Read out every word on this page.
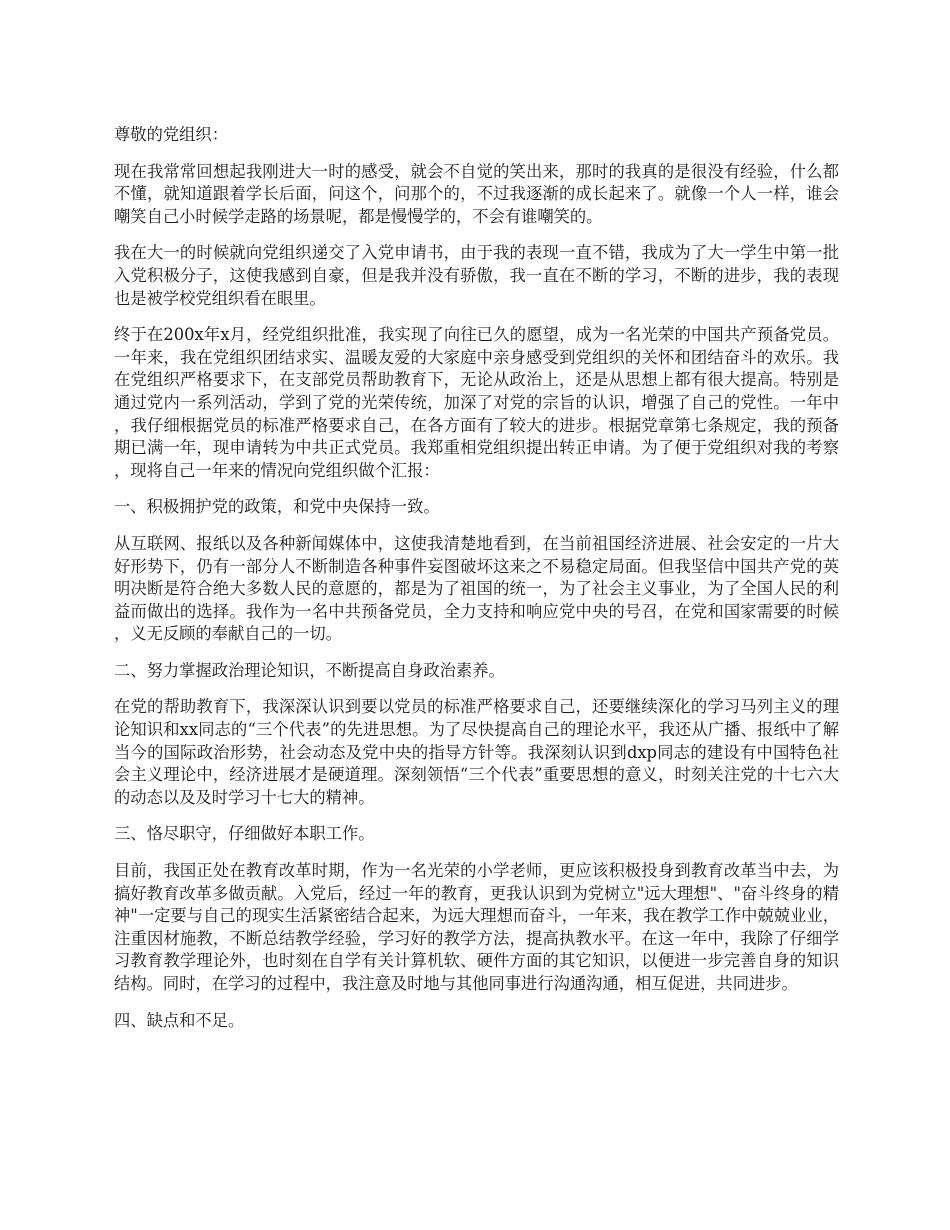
尊敬的党组织：

现在我常常回想起我刚进大一时的感受，就会不自觉的笑出来，那时的我真的是很没有经验，什么都不懂，就知道跟着学长后面，问这个，问那个的，不过我逐渐的成长起来了。就像一个人一样，谁会嘲笑自己小时候学走路的场景呢，都是慢慢学的，不会有谁嘲笑的。

我在大一的时候就向党组织递交了入党申请书，由于我的表现一直不错，我成为了大一学生中第一批入党积极分子，这使我感到自豪，但是我并没有骄傲，我一直在不断的学习，不断的进步，我的表现也是被学校党组织看在眼里。

终于在200x年x月，经党组织批准，我实现了向往已久的愿望，成为一名光荣的中国共产预备党员。一年来，我在党组织团结求实、温暖友爱的大家庭中亲身感受到党组织的关怀和团结奋斗的欢乐。我在党组织严格要求下，在支部党员帮助教育下，无论从政治上，还是从思想上都有很大提高。特别是通过党内一系列活动，学到了党的光荣传统，加深了对党的宗旨的认识，增强了自己的党性。一年中，我仔细根据党员的标准严格要求自己，在各方面有了较大的进步。根据党章第七条规定，我的预备期已满一年，现申请转为中共正式党员。我郑重相党组织提出转正申请。为了便于党组织对我的考察，现将自己一年来的情况向党组织做个汇报：

一、积极拥护党的政策，和党中央保持一致。

从互联网、报纸以及各种新闻媒体中，这使我清楚地看到，在当前祖国经济进展、社会安定的一片大好形势下，仍有一部分人不断制造各种事件妄图破坏这来之不易稳定局面。但我坚信中国共产党的英明决断是符合绝大多数人民的意愿的，都是为了祖国的统一，为了社会主义事业，为了全国人民的利益而做出的选择。我作为一名中共预备党员，全力支持和响应党中央的号召，在党和国家需要的时候，义无反顾的奉献自己的一切。

二、努力掌握政治理论知识，不断提高自身政治素养。

在党的帮助教育下，我深深认识到要以党员的标准严格要求自己，还要继续深化的学习马列主义的理论知识和xx同志的“三个代表”的先进思想。为了尽快提高自己的理论水平，我还从广播、报纸中了解当今的国际政治形势，社会动态及党中央的指导方针等。我深刻认识到dxp同志的建设有中国特色社会主义理论中，经济进展才是硬道理。深刻领悟“三个代表”重要思想的意义，时刻关注党的十七六大的动态以及及时学习十七大的精神。

三、恪尽职守，仔细做好本职工作。

目前，我国正处在教育改革时期，作为一名光荣的小学老师，更应该积极投身到教育改革当中去，为搞好教育改革多做贡献。入党后，经过一年的教育，更我认识到为党树立"远大理想"、"奋斗终身的精神"一定要与自己的现实生活紧密结合起来，为远大理想而奋斗，一年来，我在教学工作中兢兢业业，注重因材施教，不断总结教学经验，学习好的教学方法，提高执教水平。在这一年中，我除了仔细学习教育教学理论外，也时刻在自学有关计算机软、硬件方面的其它知识，以便进一步完善自身的知识结构。同时，在学习的过程中，我注意及时地与其他同事进行沟通沟通，相互促进，共同进步。

四、缺点和不足。
